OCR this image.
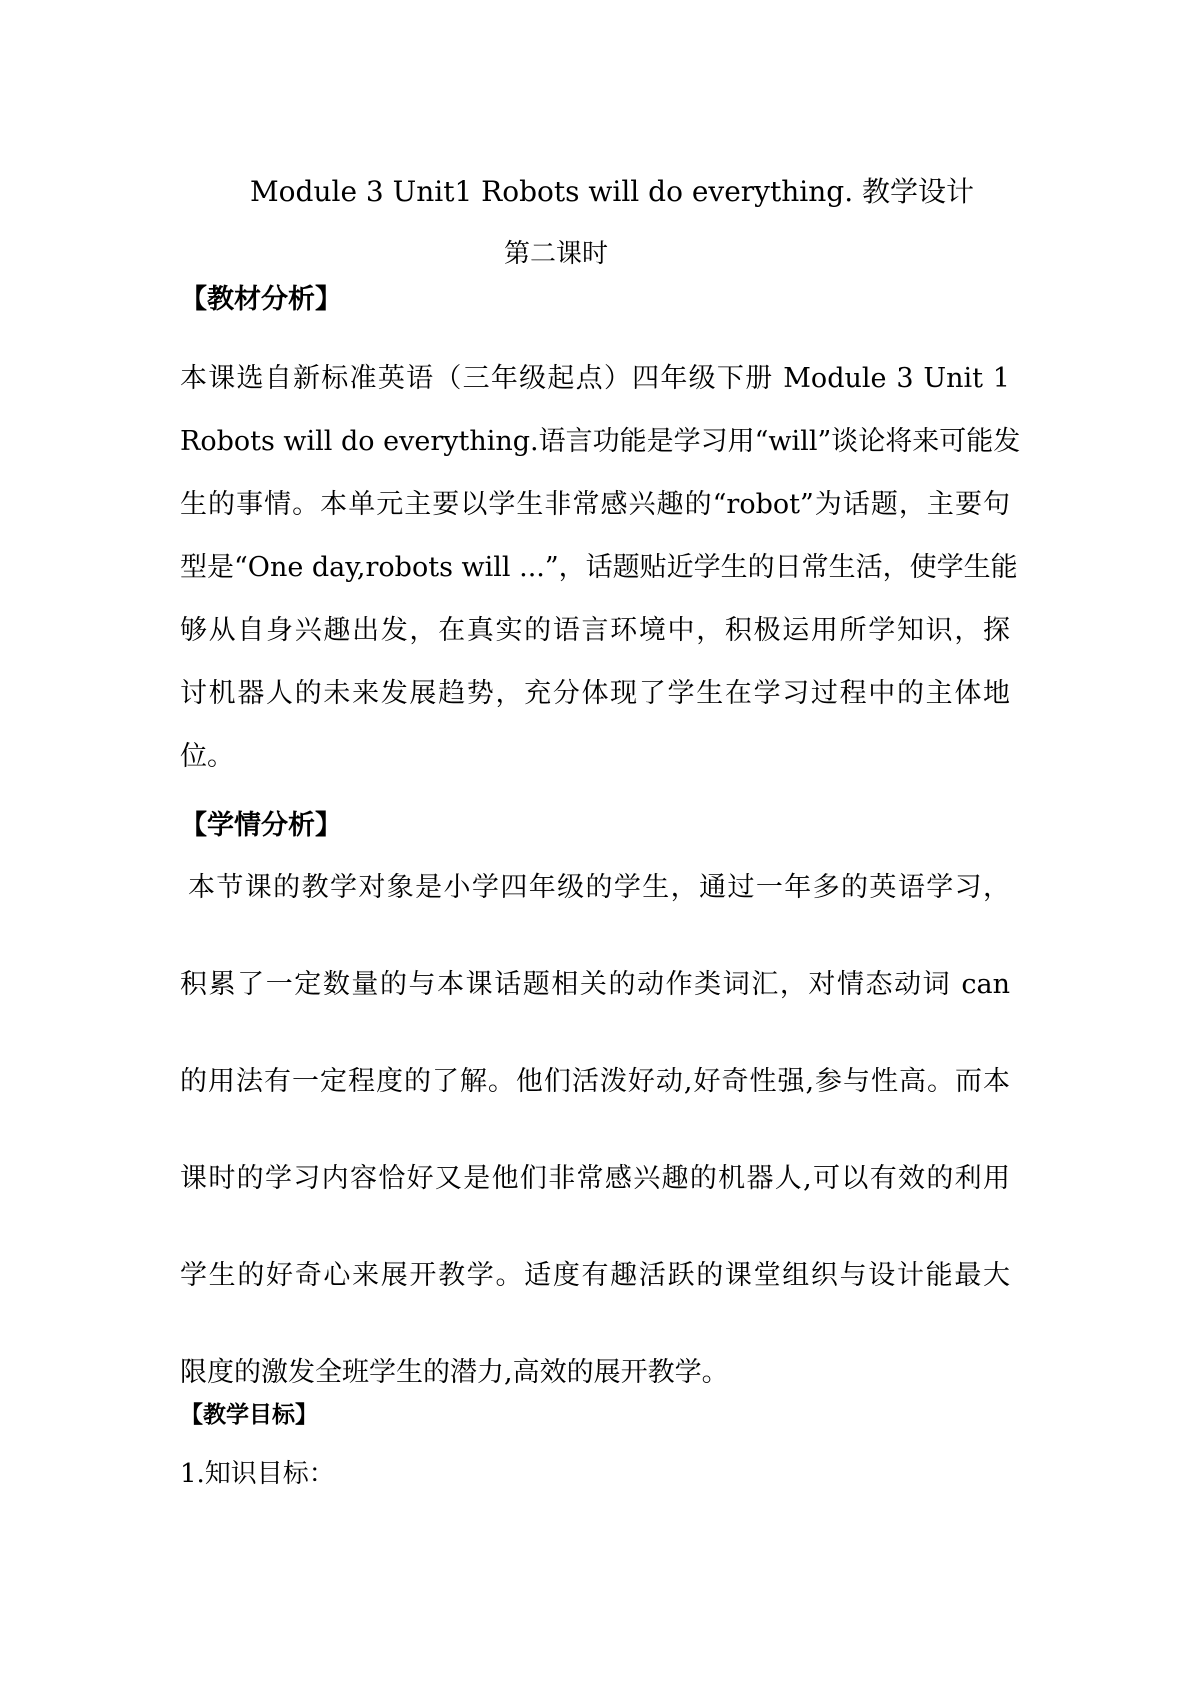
Module 3 Unit1 Robots will do everything. 教学设计
第二课时
【教材分析】
本课选自新标准英语（三年级起点）四年级下册 Module 3 Unit 1
Robots will do everything.语言功能是学习用“will”谈论将来可能发
生的事情。本单元主要以学生非常感兴趣的“robot”为话题，主要句
型是“One day,robots will ...”，话题贴近学生的日常生活，使学生能
够从自身兴趣出发，在真实的语言环境中，积极运用所学知识，探
讨机器人的未来发展趋势，充分体现了学生在学习过程中的主体地
位。
【学情分析】
本节课的教学对象是小学四年级的学生，通过一年多的英语学习，
积累了一定数量的与本课话题相关的动作类词汇，对情态动词 can
的用法有一定程度的了解。他们活泼好动,好奇性强,参与性高。而本
课时的学习内容恰好又是他们非常感兴趣的机器人,可以有效的利用
学生的好奇心来展开教学。适度有趣活跃的课堂组织与设计能最大
限度的激发全班学生的潜力,高效的展开教学。
【教学目标】
1.知识目标：
